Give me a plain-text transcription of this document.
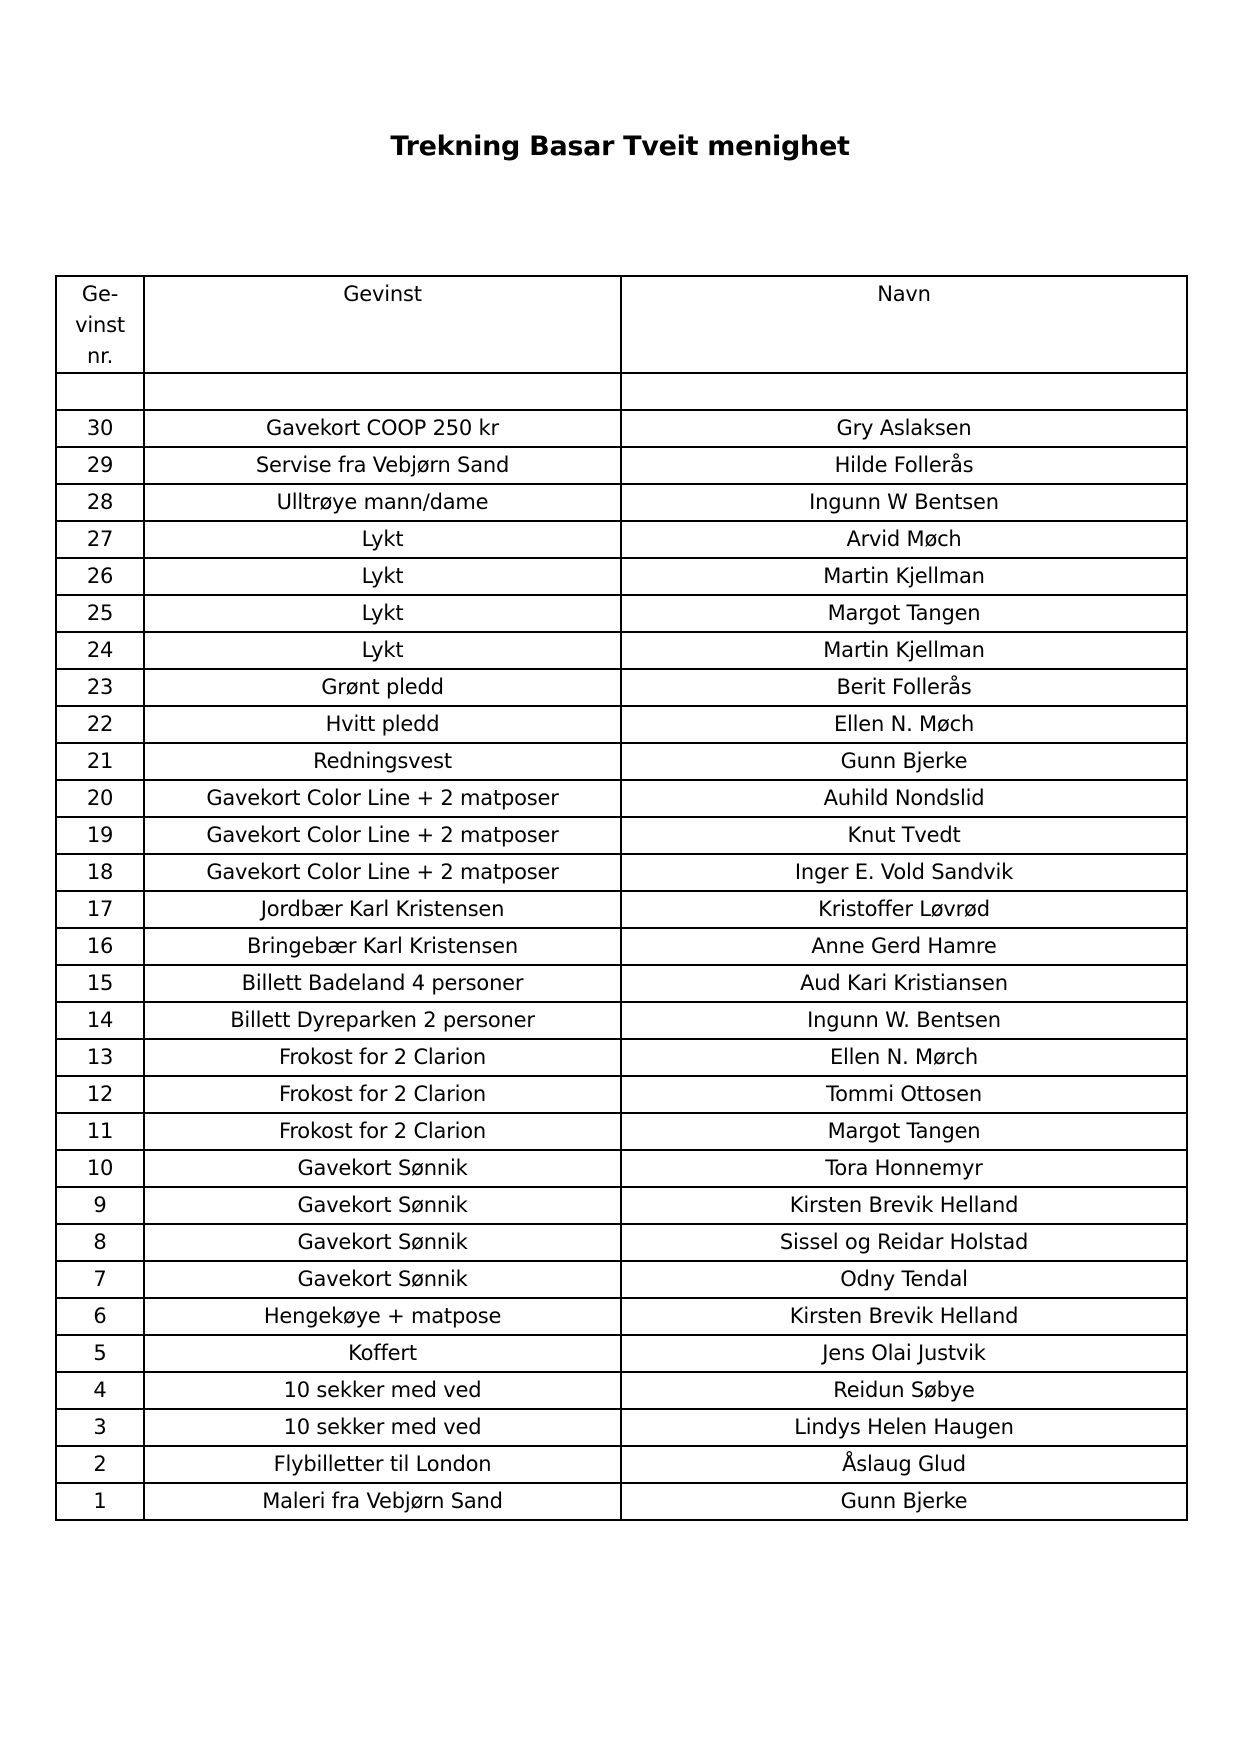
Trekning Basar Tveit menighet
Ge-
vinst
nr.	Gevinst	Navn

30	Gavekort COOP 250 kr	Gry Aslaksen
29	Servise fra Vebjørn Sand	Hilde Follerås
28	Ulltrøye mann/dame	Ingunn W Bentsen
27	Lykt	Arvid Møch
26	Lykt	Martin Kjellman
25	Lykt	Margot Tangen
24	Lykt	Martin Kjellman
23	Grønt pledd	Berit Follerås
22	Hvitt pledd	Ellen N. Møch
21	Redningsvest	Gunn Bjerke
20	Gavekort Color Line + 2 matposer	Auhild Nondslid
19	Gavekort Color Line + 2 matposer	Knut Tvedt
18	Gavekort Color Line + 2 matposer	Inger E. Vold Sandvik
17	Jordbær Karl Kristensen	Kristoffer Løvrød
16	Bringebær Karl Kristensen	Anne Gerd Hamre
15	Billett Badeland 4 personer	Aud Kari Kristiansen
14	Billett Dyreparken 2 personer	Ingunn W. Bentsen
13	Frokost for 2 Clarion	Ellen N. Mørch
12	Frokost for 2 Clarion	Tommi Ottosen
11	Frokost for 2 Clarion	Margot Tangen
10	Gavekort Sønnik	Tora Honnemyr
9	Gavekort Sønnik	Kirsten Brevik Helland
8	Gavekort Sønnik	Sissel og Reidar Holstad
7	Gavekort Sønnik	Odny Tendal
6	Hengekøye + matpose	Kirsten Brevik Helland
5	Koffert	Jens Olai Justvik
4	10 sekker med ved	Reidun Søbye
3	10 sekker med ved	Lindys Helen Haugen
2	Flybilletter til London	Åslaug Glud
1	Maleri fra Vebjørn Sand	Gunn Bjerke
